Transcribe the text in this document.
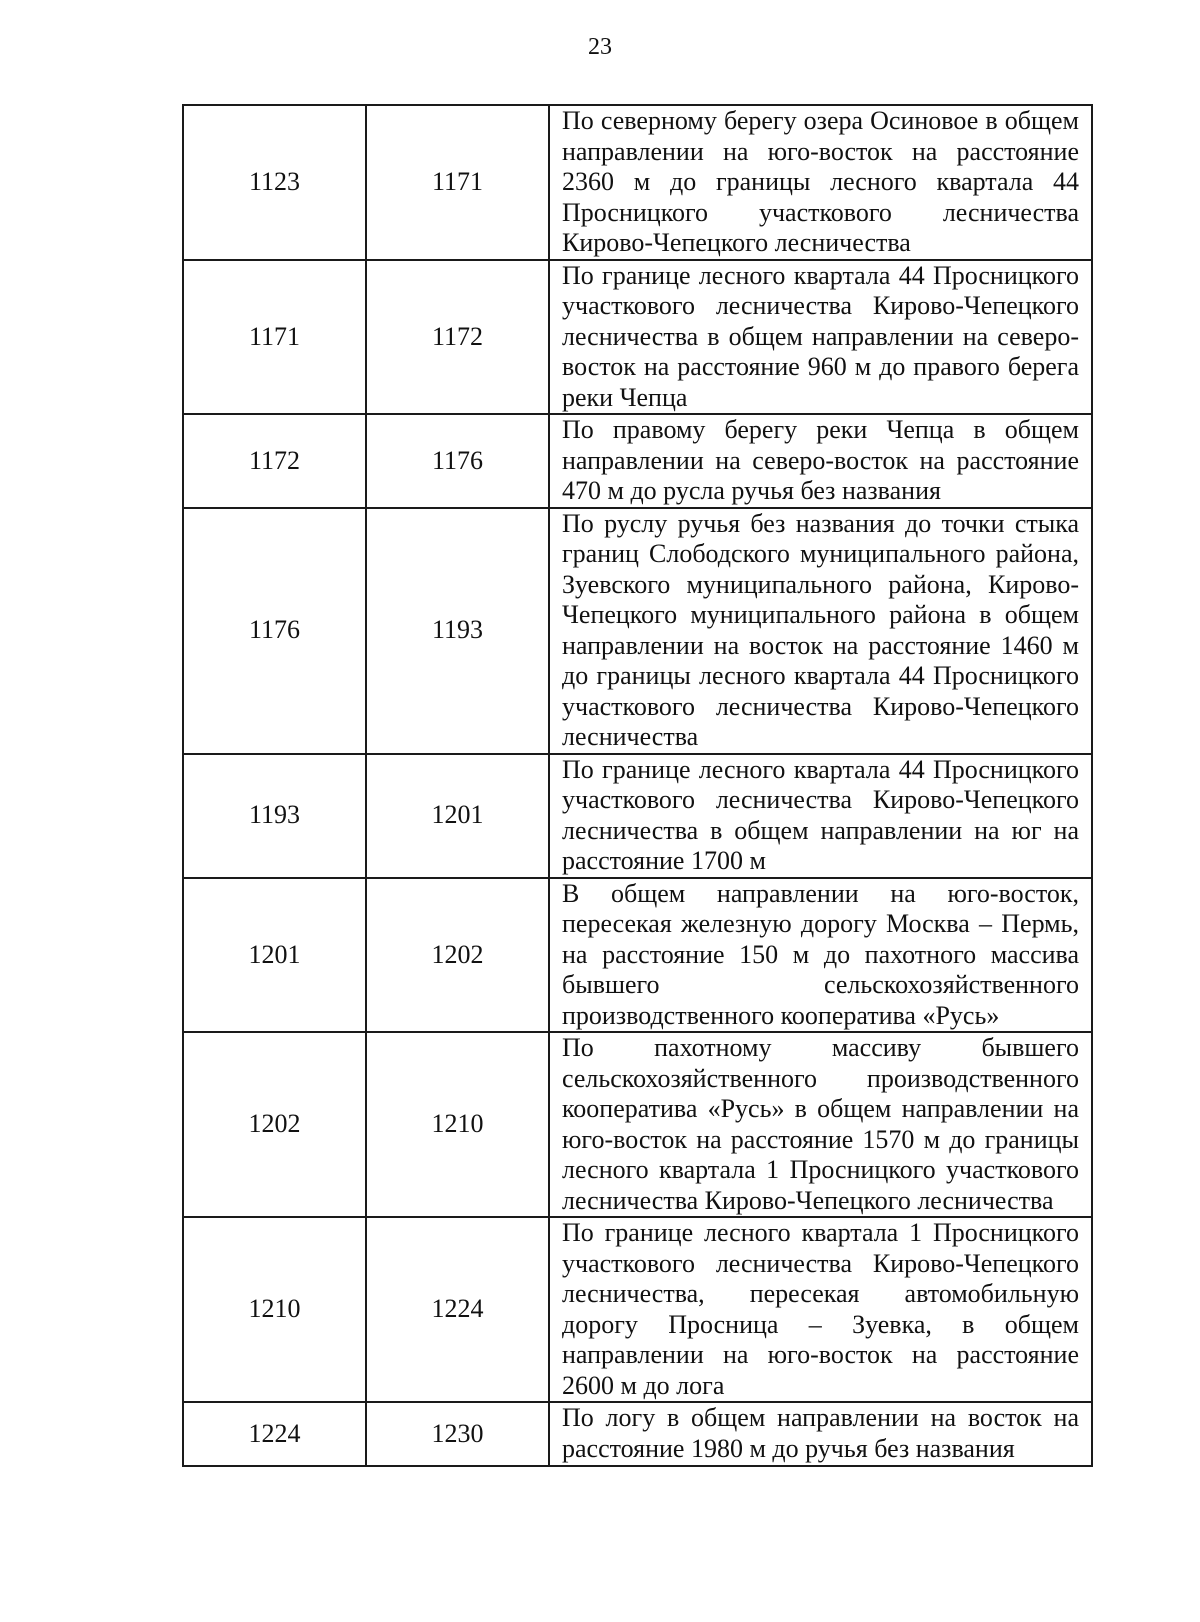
23
1123	1171	По северному берегу озера Осиновое в общем направлении на юго-восток на расстояние 2360 м до границы лесного квартала 44 Просницкого участкового лесничества Кирово-Чепецкого лесничества
1171	1172	По границе лесного квартала 44 Просницкого участкового лесничества Кирово-Чепецкого лесничества в общем направлении на северо- восток на расстояние 960 м до правого берега реки Чепца
1172	1176	По правому берегу реки Чепца в общем направлении на северо-восток на расстояние 470 м до русла ручья без названия
1176	1193	По руслу ручья без названия до точки стыка границ Слободского муниципального района, Зуевского муниципального района, Кирово-Чепецкого муниципального района в общем направлении на восток на расстояние 1460 м до границы лесного квартала 44 Просницкого участкового лесничества Кирово-Чепецкого лесничества
1193	1201	По границе лесного квартала 44 Просницкого участкового лесничества Кирово-Чепецкого лесничества в общем направлении на юг на расстояние 1700 м
1201	1202	В общем направлении на юго-восток, пересекая железную дорогу Москва – Пермь, на расстояние 150 м до пахотного массива бывшего сельскохозяйственного производственного кооператива «Русь»
1202	1210	По пахотному массиву бывшего сельскохозяйственного производственного кооператива «Русь» в общем направлении на юго-восток на расстояние 1570 м до границы лесного квартала 1 Просницкого участкового лесничества Кирово-Чепецкого лесничества
1210	1224	По границе лесного квартала 1 Просницкого участкового лесничества Кирово-Чепецкого лесничества, пересекая автомобильную дорогу Просница – Зуевка, в общем направлении на юго-восток на расстояние 2600 м до лога
1224	1230	По логу в общем направлении на восток на расстояние 1980 м до ручья без названия
